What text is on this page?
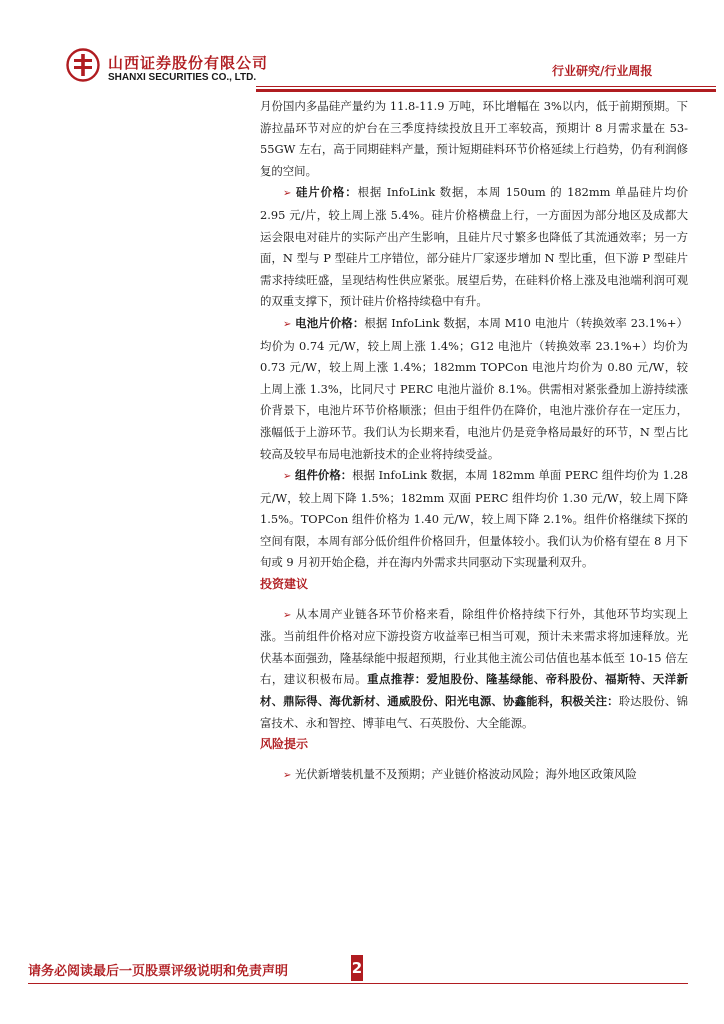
山西证券股份有限公司
SHANXI SECURITIES CO., LTD.	行业研究/行业周报

月份国内多晶硅产量约为 11.8-11.9 万吨，环比增幅在 3%以内，低于前期预期。下游拉晶环节对应的炉台在三季度持续投放且开工率较高，预期计 8 月需求量在 53-55GW 左右，高于同期硅料产量，预计短期硅料环节价格延续上行趋势，仍有利润修复的空间。

➢ 硅片价格：根据 InfoLink 数据，本周 150um 的 182mm 单晶硅片均价 2.95 元/片，较上周上涨 5.4%。硅片价格横盘上行，一方面因为部分地区及成都大运会限电对硅片的实际产出产生影响，且硅片尺寸繁多也降低了其流通效率；另一方面，N 型与 P 型硅片工序错位，部分硅片厂家逐步增加 N 型比重，但下游 P 型硅片需求持续旺盛，呈现结构性供应紧张。展望后势，在硅料价格上涨及电池端利润可观的双重支撑下，预计硅片价格持续稳中有升。

➢ 电池片价格：根据 InfoLink 数据，本周 M10 电池片（转换效率 23.1%+）均价为 0.74 元/W，较上周上涨 1.4%；G12 电池片（转换效率 23.1%+）均价为 0.73 元/W，较上周上涨 1.4%；182mm TOPCon 电池片均价为 0.80 元/W，较上周上涨 1.3%，比同尺寸 PERC 电池片溢价 8.1%。供需相对紧张叠加上游持续涨价背景下，电池片环节价格顺涨；但由于组件仍在降价，电池片涨价存在一定压力，涨幅低于上游环节。我们认为长期来看，电池片仍是竞争格局最好的环节，N 型占比较高及较早布局电池新技术的企业将持续受益。

➢ 组件价格：根据 InfoLink 数据，本周 182mm 单面 PERC 组件均价为 1.28 元/W，较上周下降 1.5%；182mm 双面 PERC 组件均价 1.30 元/W，较上周下降 1.5%。TOPCon 组件价格为 1.40 元/W，较上周下降 2.1%。组件价格继续下探的空间有限，本周有部分低价组件价格回升，但量体较小。我们认为价格有望在 8 月下旬或 9 月初开始企稳，并在海内外需求共同驱动下实现量利双升。

投资建议

➢ 从本周产业链各环节价格来看，除组件价格持续下行外，其他环节均实现上涨。当前组件价格对应下游投资方收益率已相当可观，预计未来需求将加速释放。光伏基本面强劲，隆基绿能中报超预期，行业其他主流公司估值也基本低至 10-15 倍左右，建议积极布局。重点推荐：爱旭股份、隆基绿能、帝科股份、福斯特、天洋新材、鼎际得、海优新材、通威股份、阳光电源、协鑫能科，积极关注：聆达股份、锦富技术、永和智控、博菲电气、石英股份、大全能源。

风险提示

➢ 光伏新增装机量不及预期；产业链价格波动风险；海外地区政策风险

请务必阅读最后一页股票评级说明和免责声明	2
